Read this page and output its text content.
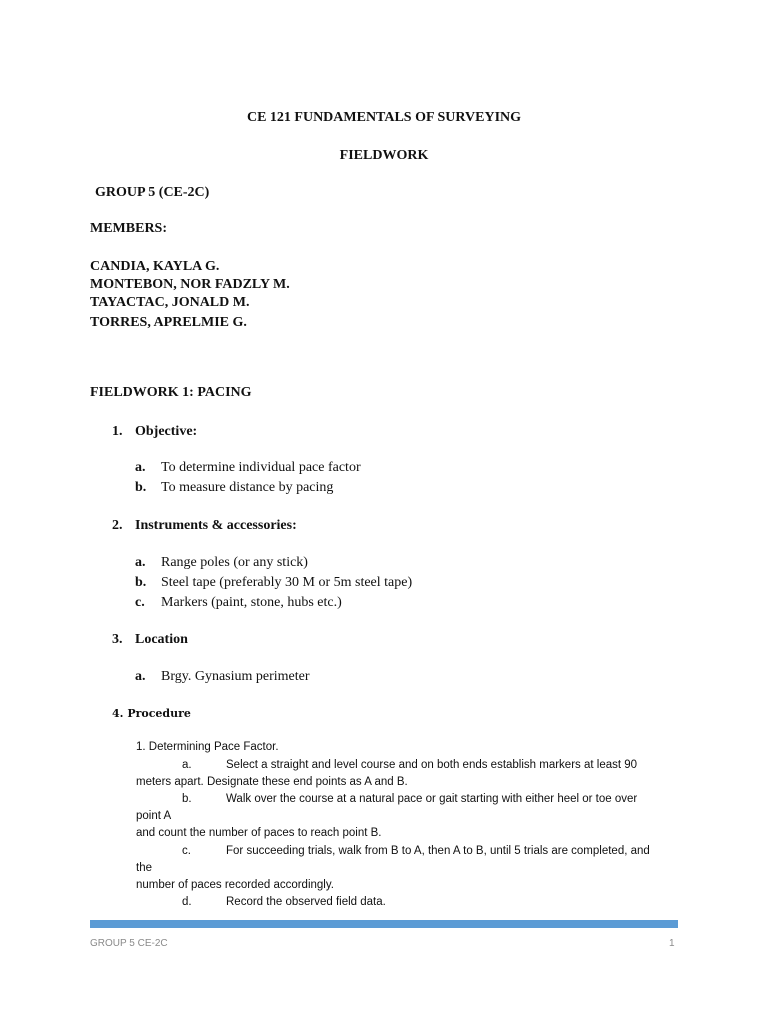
CE 121 FUNDAMENTALS OF SURVEYING
FIELDWORK
GROUP 5 (CE-2C)
MEMBERS:
CANDIA, KAYLA G.
MONTEBON, NOR FADZLY M.
TAYACTAC, JONALD M.
TORRES, APRELMIE G.
FIELDWORK 1: PACING
1. Objective:
a. To determine individual pace factor
b. To measure distance by pacing
2. Instruments & accessories:
a. Range poles (or any stick)
b. Steel tape (preferably 30 M or 5m steel tape)
c. Markers (paint, stone, hubs etc.)
3. Location
a. Brgy. Gynasium perimeter
4. Procedure
1. Determining Pace Factor.
a.	Select a straight and level course and on both ends establish markers at least 90
meters apart. Designate these end points as A and B.
b.	Walk over the course at a natural pace or gait starting with either heel or toe over
point A
and count the number of paces to reach point B.
c.	For succeeding trials, walk from B to A, then A to B, until 5 trials are completed, and
the
number of paces recorded accordingly.
d.	Record the observed field data.
GROUP 5 CE-2C	1
